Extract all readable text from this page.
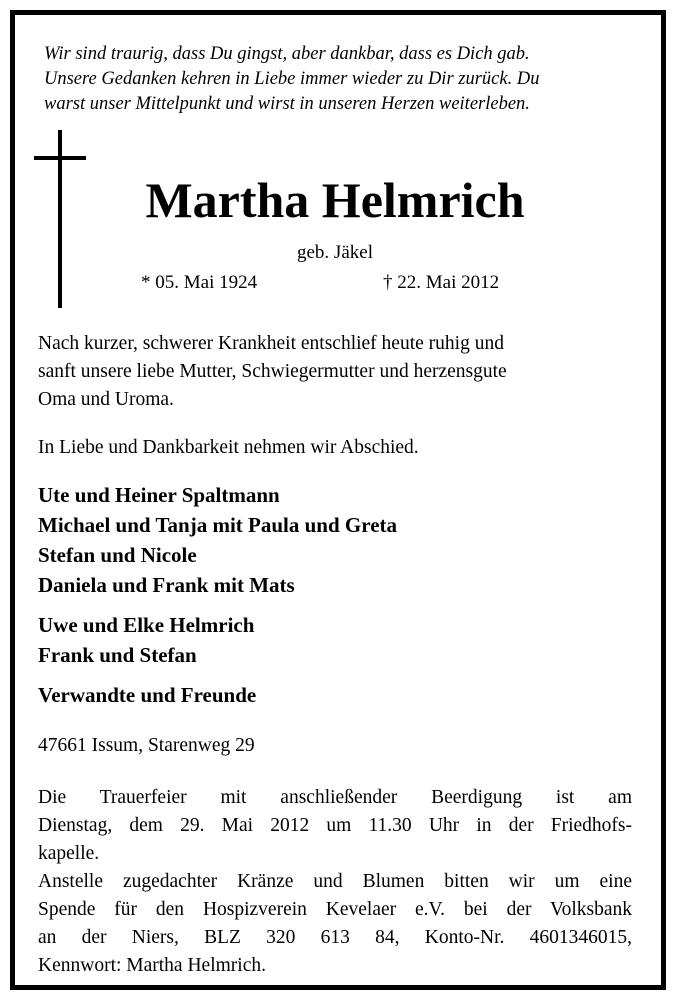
Wir sind traurig, dass Du gingst, aber dankbar, dass es Dich gab.
Unsere Gedanken kehren in Liebe immer wieder zu Dir zurück. Du
warst unser Mittelpunkt und wirst in unseren Herzen weiterleben.
Martha Helmrich
geb. Jäkel
* 05. Mai 1924	† 22. Mai 2012
Nach kurzer, schwerer Krankheit entschlief heute ruhig und
sanft unsere liebe Mutter, Schwiegermutter und herzensgute
Oma und Uroma.
In Liebe und Dankbarkeit nehmen wir Abschied.
Ute und Heiner Spaltmann
Michael und Tanja mit Paula und Greta
Stefan und Nicole
Daniela und Frank mit Mats
Uwe und Elke Helmrich
Frank und Stefan
Verwandte und Freunde
47661 Issum, Starenweg 29
Die Trauerfeier mit anschließender Beerdigung ist am
Dienstag, dem 29. Mai 2012 um 11.30 Uhr in der Friedhofs-
kapelle.
Anstelle zugedachter Kränze und Blumen bitten wir um eine
Spende für den Hospizverein Kevelaer e.V. bei der Volksbank
an der Niers, BLZ 320 613 84, Konto-Nr. 4601346015,
Kennwort: Martha Helmrich.
